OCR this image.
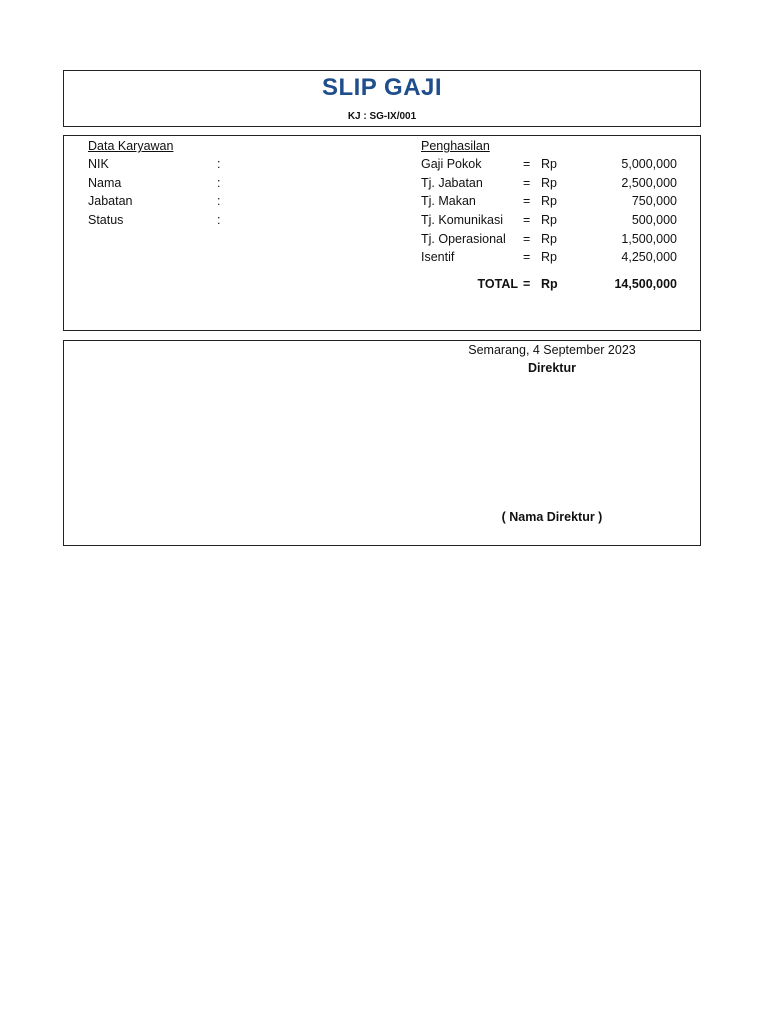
SLIP GAJI
KJ : SG-IX/001
Data Karyawan
NIK	:
Nama	:
Jabatan	:
Status	:
Penghasilan
Gaji Pokok	= Rp	5,000,000
Tj. Jabatan	= Rp	2,500,000
Tj. Makan	= Rp	750,000
Tj. Komunikasi = Rp	500,000
Tj. Operasional = Rp	1,500,000
Isentif	= Rp	4,250,000
TOTAL = Rp	14,500,000
Semarang, 4 September 2023
Direktur
( Nama Direktur )
